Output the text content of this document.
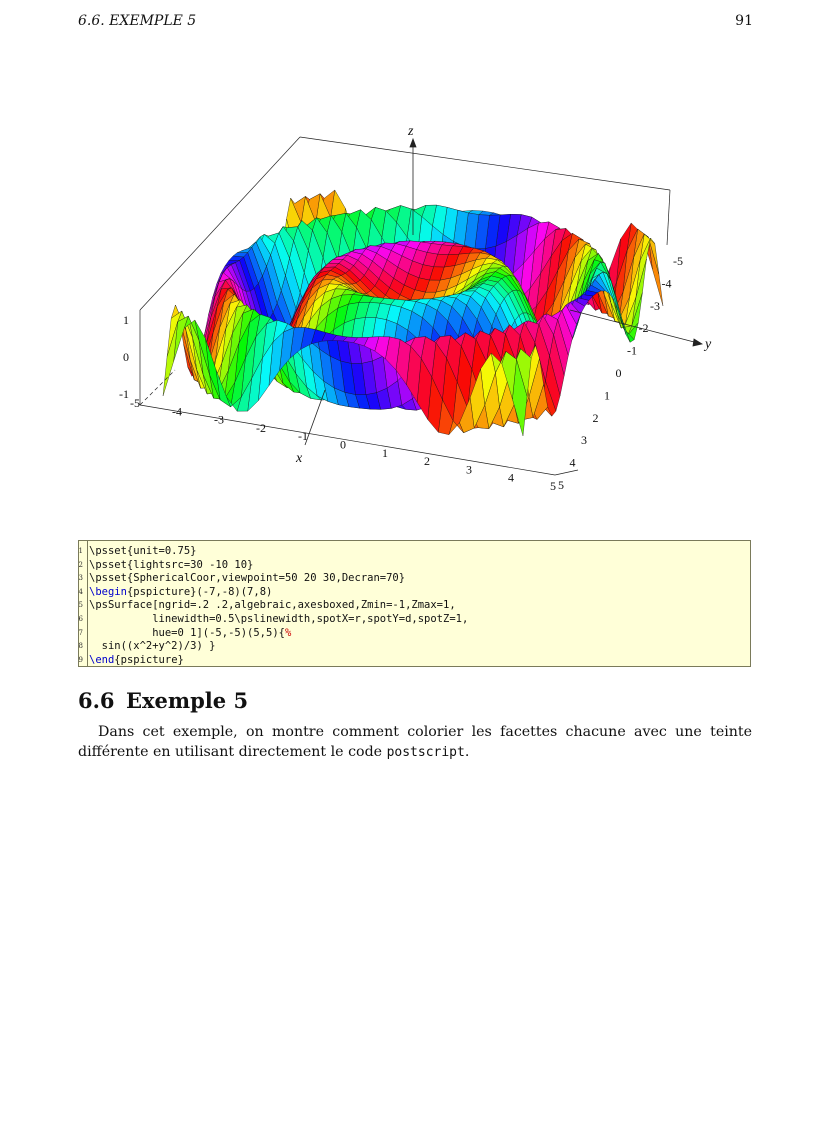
6.6. EXEMPLE 5	91
z
y
x
-5
-4
-3
-2
-1
0
1
2
3
4
5 5
4
3
2
1
0
-1
-2
-3
-4
-5
1
0
-1
1 \psset{unit=0.75}
2 \psset{lightsrc=30 -10 10}
3 \psset{SphericalCoor,viewpoint=50 20 30,Decran=70}
4 \begin{pspicture}(-7,-8)(7,8)
5 \psSurface[ngrid=.2 .2,algebraic,axesboxed,Zmin=-1,Zmax=1,
6 linewidth=0.5\pslinewidth,spotX=r,spotY=d,spotZ=1,
7 hue=0 1](-5,-5)(5,5){%
8 sin((x^2+y^2)/3) }
9 \end{pspicture}
6.6 Exemple 5

Dans cet exemple, on montre comment colorier les facettes chacune avec une teinte différente en utilisant directement le code postscript.
